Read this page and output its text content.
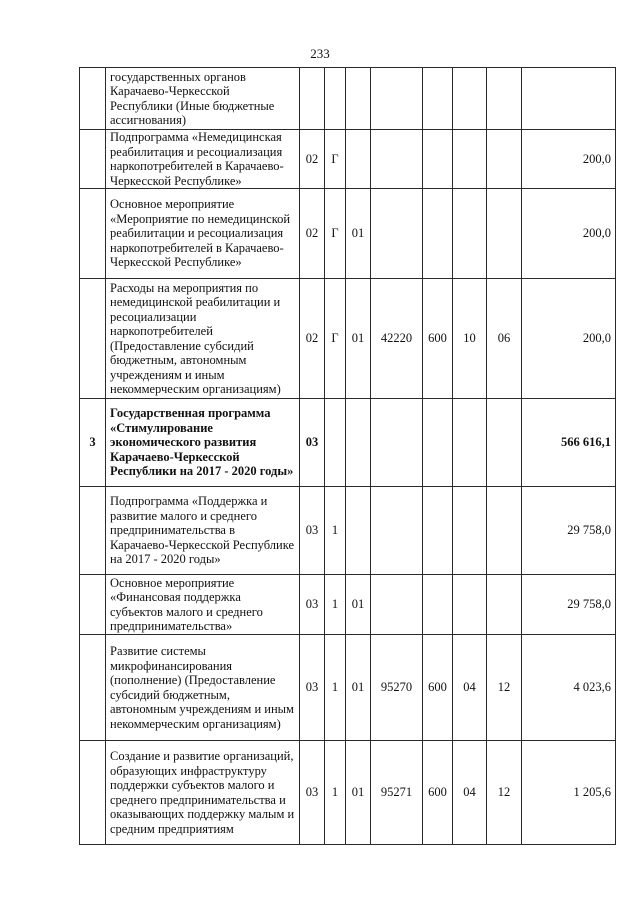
233
	государственных органов Карачаево-Черкесской Республики (Иные бюджетные ассигнования)								
	Подпрограмма «Немедицинская реабилитация и ресоциализация наркопотребителей в Карачаево-Черкесской Республике»	02	Г						200,0
	Основное мероприятие «Мероприятие по немедицинской реабилитации и ресоциализация наркопотребителей в Карачаево-Черкесской Республике»	02	Г	01					200,0
	Расходы на мероприятия по немедицинской реабилитации и ресоциализации наркопотребителей (Предоставление субсидий бюджетным, автономным учреждениям и иным некоммерческим организациям)	02	Г	01	42220	600	10	06	200,0
3	Государственная программа «Стимулирование экономического развития Карачаево-Черкесской Республики на 2017 - 2020 годы»	03							566 616,1
	Подпрограмма «Поддержка и развитие малого и среднего предпринимательства в Карачаево-Черкесской Республике на 2017 - 2020 годы»	03	1						29 758,0
	Основное мероприятие «Финансовая поддержка субъектов малого и среднего предпринимательства»	03	1	01					29 758,0
	Развитие системы микрофинансирования (пополнение) (Предоставление субсидий бюджетным, автономным учреждениям и иным некоммерческим организациям)	03	1	01	95270	600	04	12	4 023,6
	Создание и развитие организаций, образующих инфраструктуру поддержки субъектов малого и среднего предпринимательства и оказывающих поддержку малым и средним предприятиям	03	1	01	95271	600	04	12	1 205,6
